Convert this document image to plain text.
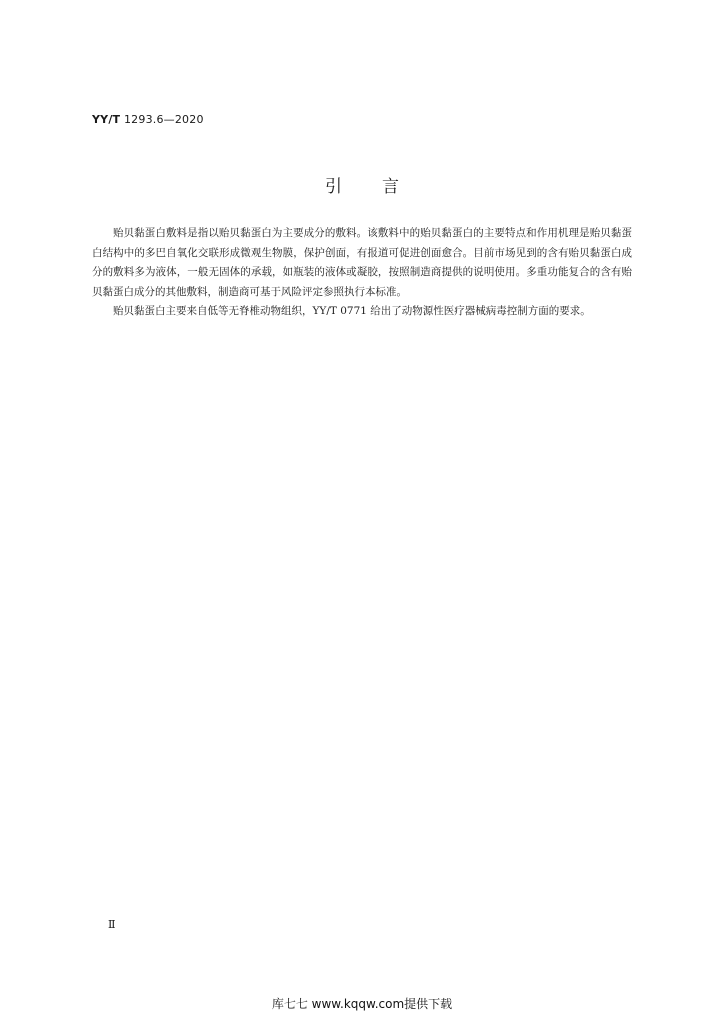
YY/T 1293.6—2020
引言

贻贝黏蛋白敷料是指以贻贝黏蛋白为主要成分的敷料。该敷料中的贻贝黏蛋白的主要特点和作用机理是贻贝黏蛋白结构中的多巴自氧化交联形成微观生物膜，保护创面，有报道可促进创面愈合。目前市场见到的含有贻贝黏蛋白成分的敷料多为液体，一般无固体的承载，如瓶装的液体或凝胶，按照制造商提供的说明使用。多重功能复合的含有贻贝黏蛋白成分的其他敷料，制造商可基于风险评定参照执行本标准。

贻贝黏蛋白主要来自低等无脊椎动物组织，YY/T 0771 给出了动物源性医疗器械病毒控制方面的要求。

Ⅱ
库七七 www.kqqw.com提供下载
